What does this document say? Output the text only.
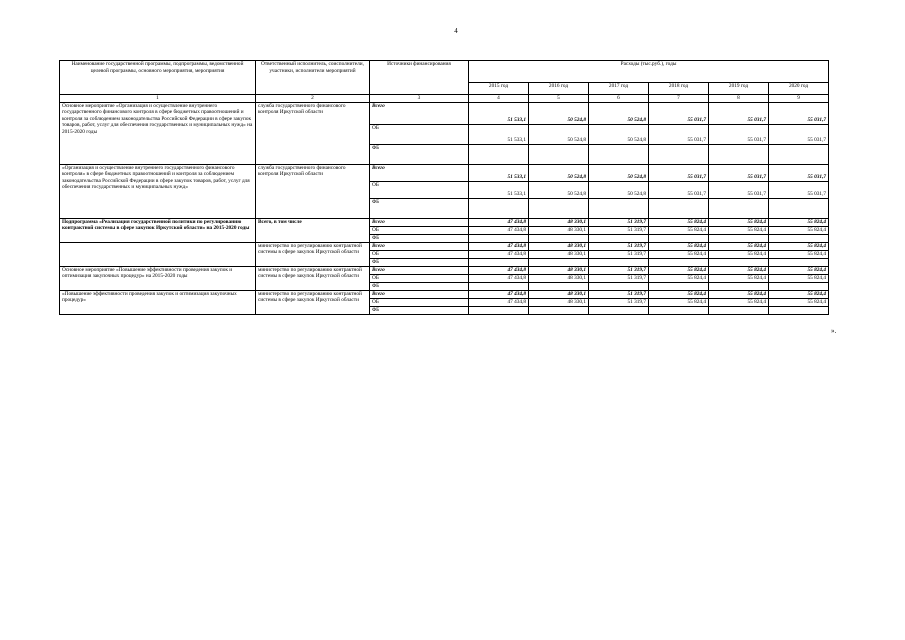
4
Наименование государственной программы, подпрограммы, ведомственной целевой программы, основного мероприятия, мероприятия	Ответственный исполнитель, соисполнители, участники, исполнители мероприятий	Источники финансирования	Расходы (тыс.руб.), годы					
			2015 год	2016 год	2017 год	2018 год	2019 год	2020 год
1	2	3	4	5	6	7	8	9
Основное мероприятие «Организация и осуществление внутреннего государственного финансового контроля в сфере бюджетных правоотношений и контроля за соблюдением законодательства Российской Федерации в сфере закупок товаров, работ, услуг для обеспечения государственных и муниципальных нужд» на 2015-2020 годы	служба государственного финансового контроля Иркутской области	Всего	51 533,1	50 524,8	50 524,8	55 031,7	55 031,7	55 031,7
		ОБ	51 533,1	50 524,8	50 524,8	55 031,7	55 031,7	55 031,7
		ФБ						
«Организация и осуществление внутреннего государственного финансового контроля» в сфере бюджетных правоотношений и контроля за соблюдением законодательства Российской Федерации в сфере закупок товаров, работ, услуг для обеспечения государственных и муниципальных нужд»	служба государственного финансового контроля Иркутской области	Всего	51 533,1	50 524,8	50 524,8	55 031,7	55 031,7	55 031,7
		ОБ	51 533,1	50 524,8	50 524,8	55 031,7	55 031,7	55 031,7
		ФБ						
Подпрограмма «Реализация государственной политики по регулированию контрактной системы в сфере закупок Иркутской области» на 2015-2020 годы	Всего, в том числе	Всего	47 434,8	48 330,1	51 319,7	55 824,4	55 824,4	55 824,4
		ОБ	47 434,8	48 330,1	51 319,7	55 824,4	55 824,4	55 824,4
		ФБ						
	министерство по регулированию контрактной системы в сфере закупок Иркутской области	Всего	47 434,8	48 330,1	51 319,7	55 824,4	55 824,4	55 824,4
		ОБ	47 434,8	48 330,1	51 319,7	55 824,4	55 824,4	55 824,4
		ФБ						
Основное мероприятие «Повышение эффективности проведения закупок и оптимизация закупочных процедур» на 2015-2020 годы	министерство по регулированию контрактной системы в сфере закупок Иркутской области	Всего	47 434,8	48 330,1	51 319,7	55 824,4	55 824,4	55 824,4
		ОБ	47 434,8	48 330,1	51 319,7	55 824,4	55 824,4	55 824,4
		ФБ						
«Повышение эффективности проведения закупок и оптимизация закупочных процедур»	министерство по регулированию контрактной системы в сфере закупок Иркутской области	Всего	47 434,8	48 330,1	51 319,7	55 824,4	55 824,4	55 824,4
		ОБ	47 434,8	48 330,1	51 319,7	55 824,4	55 824,4	55 824,4
		ФБ						
».
